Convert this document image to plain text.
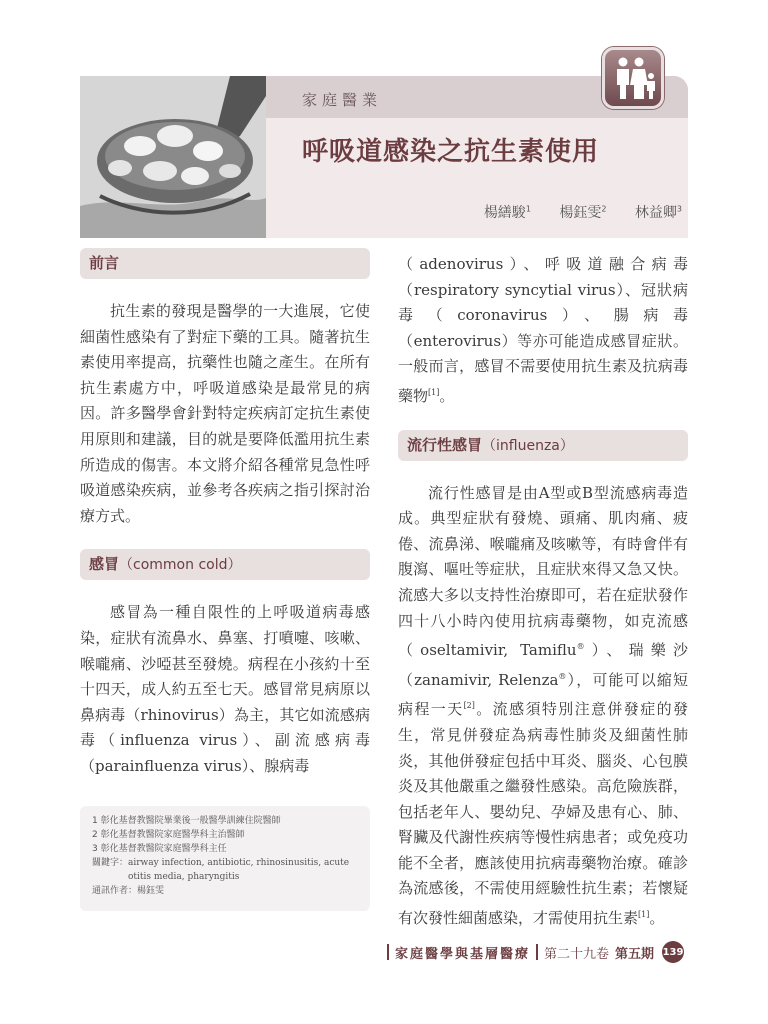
家庭醫業
呼吸道感染之抗生素使用
楊繕駿$^1$ 楊鈺雯$^2$ 林益卿$^3$
前言

抗生素的發現是醫學的一大進展，它使細菌性感染有了對症下藥的工具。隨著抗生素使用率提高，抗藥性也隨之產生。在所有抗生素處方中，呼吸道感染是最常見的病因。許多醫學會針對特定疾病訂定抗生素使用原則和建議，目的就是要降低濫用抗生素所造成的傷害。本文將介紹各種常見急性呼吸道感染疾病，並參考各疾病之指引探討治療方式。

感冒（common cold）

感冒為一種自限性的上呼吸道病毒感染，症狀有流鼻水、鼻塞、打噴嚏、咳嗽、喉嚨痛、沙啞甚至發燒。病程在小孩約十至十四天，成人約五至七天。感冒常見病原以鼻病毒（rhinovirus）為主，其它如流感病毒（influenza virus）、副流感病毒（parainfluenza virus）、腺病毒

1 彰化基督教醫院畢業後一般醫學訓練住院醫師
2 彰化基督教醫院家庭醫學科主治醫師
3 彰化基督教醫院家庭醫學科主任
關鍵字： airway infection, antibiotic, rhinosinusitis, acute otitis media, pharyngitis
通訊作者：楊鈺雯

（adenovirus）、呼吸道融合病毒（respiratory syncytial virus）、冠狀病毒（coronavirus）、腸病毒（enterovirus）等亦可能造成感冒症狀。一般而言，感冒不需要使用抗生素及抗病毒藥物[1]。

流行性感冒（influenza）

流行性感冒是由A型或B型流感病毒造成。典型症狀有發燒、頭痛、肌肉痛、疲倦、流鼻涕、喉嚨痛及咳嗽等，有時會伴有腹瀉、嘔吐等症狀，且症狀來得又急又快。流感大多以支持性治療即可，若在症狀發作四十八小時內使用抗病毒藥物，如克流感（oseltamivir, Tamiflu®）、瑞樂沙（zanamivir, Relenza®），可能可以縮短病程一天[2]。流感須特別注意併發症的發生，常見併發症為病毒性肺炎及細菌性肺炎，其他併發症包括中耳炎、腦炎、心包膜炎及其他嚴重之繼發性感染。高危險族群，包括老年人、嬰幼兒、孕婦及患有心、肺、腎臟及代謝性疾病等慢性病患者；或免疫功能不全者，應該使用抗病毒藥物治療。確診為流感後，不需使用經驗性抗生素；若懷疑有次發性細菌感染，才需使用抗生素[1]。

家庭醫學與基層醫療 第二十九卷 第五期 139
